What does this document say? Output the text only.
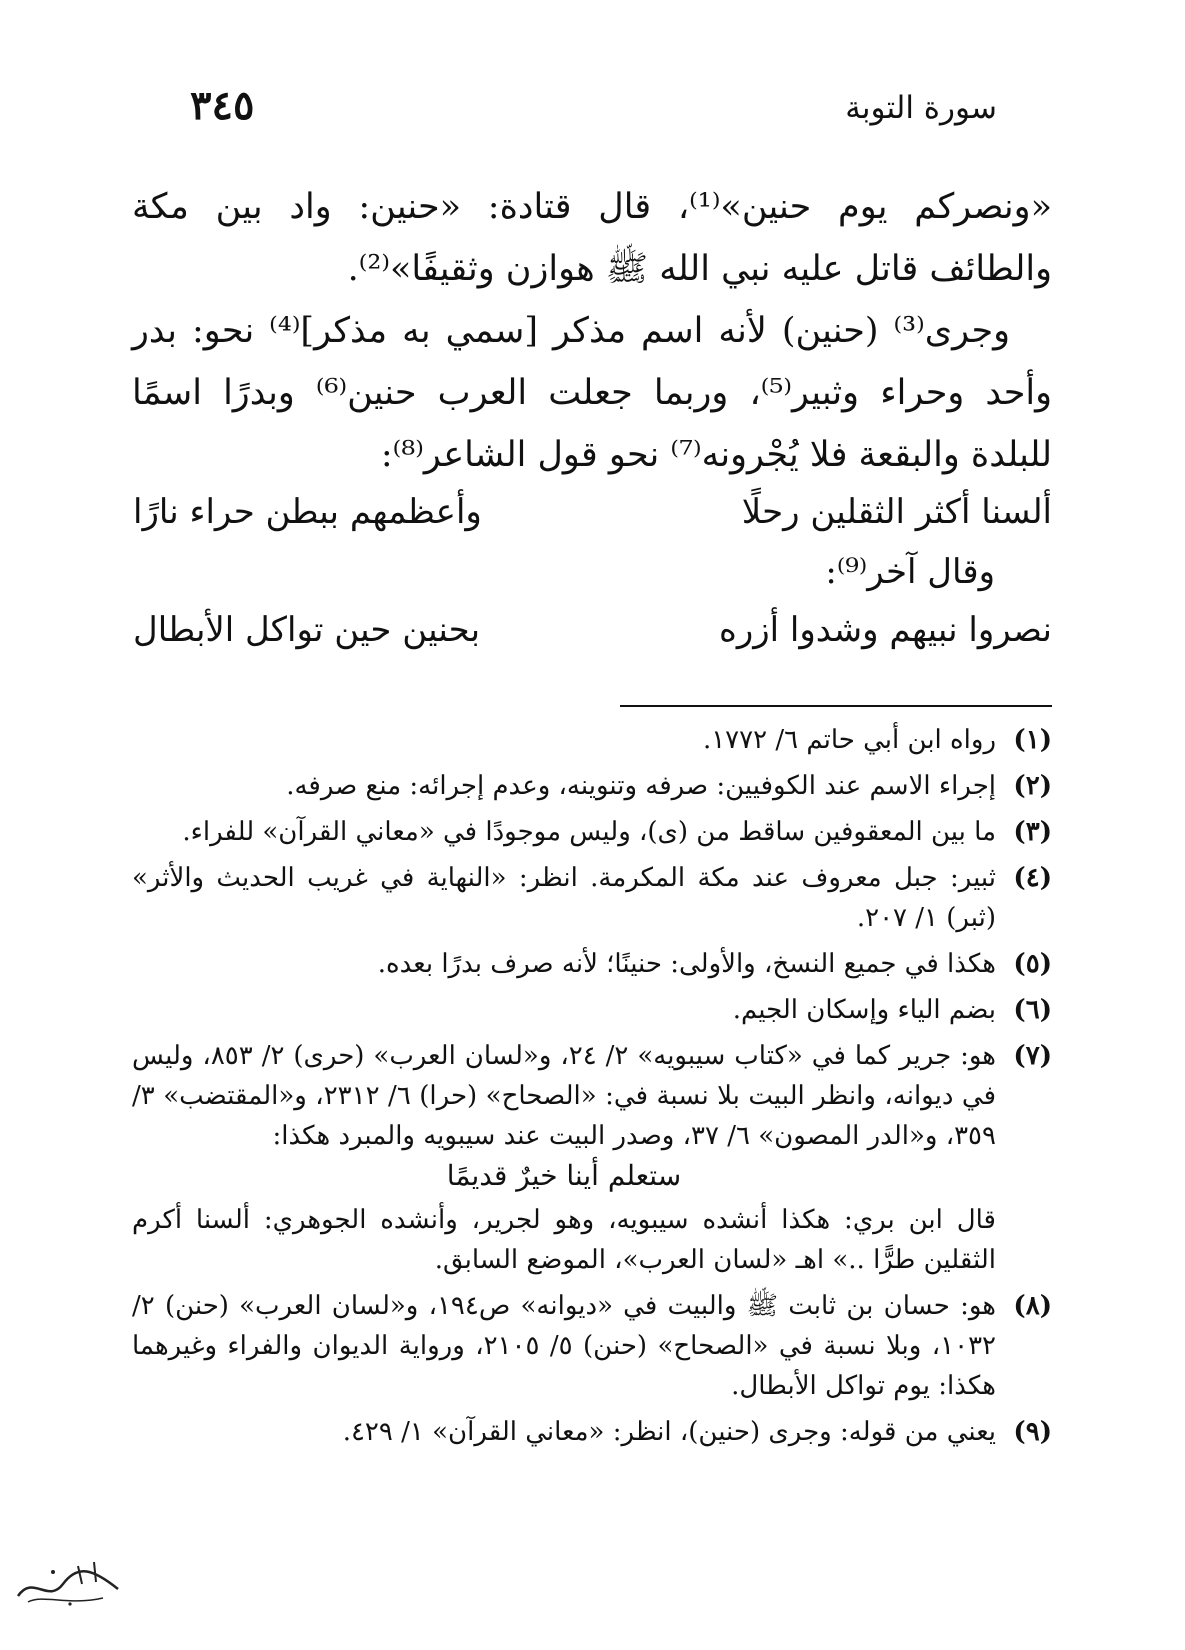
سورة التوبة
٣٤٥

«ونصركم يوم حنين»⁽¹⁾، قال قتادة: «حنين: واد بين مكة والطائف قاتل عليه نبي الله ﷺ هوازن وثقيفًا»⁽²⁾.

وجرى⁽³⁾ (حنين) لأنه اسم مذكر [سمي به مذكر]⁽⁴⁾ نحو: بدر وأحد وحراء وثبير⁽⁵⁾، وربما جعلت العرب حنين⁽⁶⁾ وبدرًا اسمًا للبلدة والبقعة فلا يُجْرونه⁽⁷⁾ نحو قول الشاعر⁽⁸⁾:

ألسنا أكثر الثقلين رحلًا
وأعظمهم ببطن حراء نارًا
وقال آخر⁽⁹⁾:
نصروا نبيهم وشدوا أزره
بحنين حين تواكل الأبطال
(١)
رواه ابن أبي حاتم ٦/ ١٧٧٢.
(٢)
إجراء الاسم عند الكوفيين: صرفه وتنوينه، وعدم إجرائه: منع صرفه.
(٣)
ما بين المعقوفين ساقط من (ى)، وليس موجودًا في «معاني القرآن» للفراء.
(٤)
ثبير: جبل معروف عند مكة المكرمة. انظر: «النهاية في غريب الحديث والأثر» (ثبر) ١/ ٢٠٧.
(٥)
هكذا في جميع النسخ، والأولى: حنينًا؛ لأنه صرف بدرًا بعده.
(٦)
بضم الياء وإسكان الجيم.
(٧)
هو: جرير كما في «كتاب سيبويه» ٢/ ٢٤، و«لسان العرب» (حرى) ٢/ ٨٥٣، وليس في ديوانه، وانظر البيت بلا نسبة في: «الصحاح» (حرا) ٦/ ٢٣١٢، و«المقتضب» ٣/ ٣٥٩، و«الدر المصون» ٦/ ٣٧، وصدر البيت عند سيبويه والمبرد هكذا:
ستعلم أينا خيرٌ قديمًا
قال ابن بري: هكذا أنشده سيبويه، وهو لجرير، وأنشده الجوهري: ألسنا أكرم الثقلين طرًّا ..» اهـ «لسان العرب»، الموضع السابق.
(٨)
هو: حسان بن ثابت ﷺ والبيت في «ديوانه» ص١٩٤، و«لسان العرب» (حنن) ٢/ ١٠٣٢، وبلا نسبة في «الصحاح» (حنن) ٥/ ٢١٠٥، ورواية الديوان والفراء وغيرهما هكذا: يوم تواكل الأبطال.
(٩)
يعني من قوله: وجرى (حنين)، انظر: «معاني القرآن» ١/ ٤٢٩.
